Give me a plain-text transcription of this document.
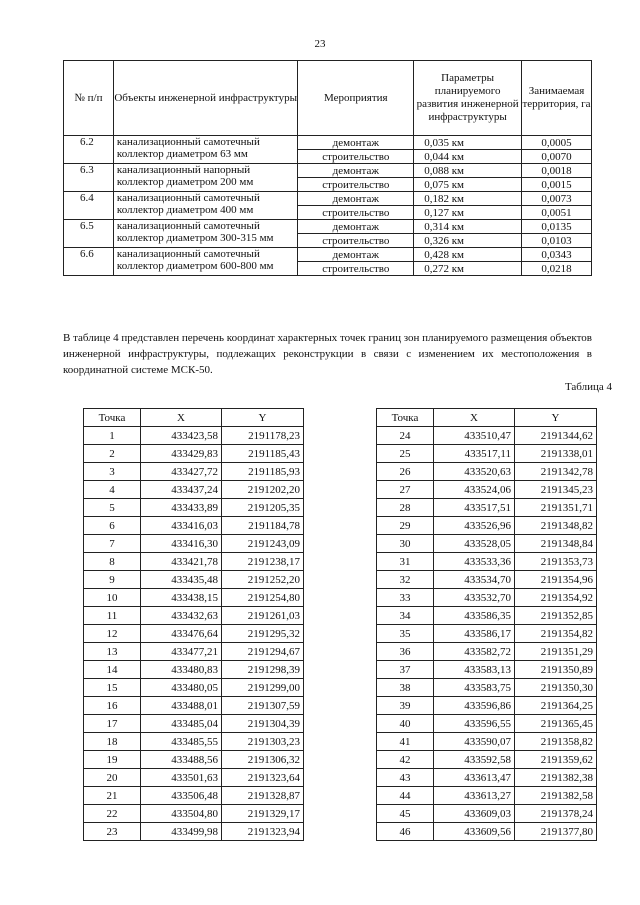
23
№ п/п	Объекты инженерной инфраструктуры	Мероприятия	Параметры планируемого развития инженерной инфраструктуры	Занимаемая территория, га
6.2	канализационный самотечный коллектор диаметром 63 мм	демонтаж	0,035 км	0,0005
		строительство	0,044 км	0,0070
6.3	канализационный напорный коллектор диаметром 200 мм	демонтаж	0,088 км	0,0018
		строительство	0,075 км	0,0015
6.4	канализационный самотечный коллектор диаметром 400 мм	демонтаж	0,182 км	0,0073
		строительство	0,127 км	0,0051
6.5	канализационный самотечный коллектор диаметром 300-315 мм	демонтаж	0,314 км	0,0135
		строительство	0,326 км	0,0103
6.6	канализационный самотечный коллектор диаметром 600-800 мм	демонтаж	0,428 км	0,0343
		строительство	0,272 км	0,0218

В таблице 4 представлен перечень координат характерных точек границ зон планируемого размещения объектов инженерной инфраструктуры, подлежащих реконструкции в связи с изменением их местоположения в координатной системе МСК-50.

Таблица 4
Точка	X	Y
1	433423,58	2191178,23
2	433429,83	2191185,43
3	433427,72	2191185,93
4	433437,24	2191202,20
5	433433,89	2191205,35
6	433416,03	2191184,78
7	433416,30	2191243,09
8	433421,78	2191238,17
9	433435,48	2191252,20
10	433438,15	2191254,80
11	433432,63	2191261,03
12	433476,64	2191295,32
13	433477,21	2191294,67
14	433480,83	2191298,39
15	433480,05	2191299,00
16	433488,01	2191307,59
17	433485,04	2191304,39
18	433485,55	2191303,23
19	433488,56	2191306,32
20	433501,63	2191323,64
21	433506,48	2191328,87
22	433504,80	2191329,17
23	433499,98	2191323,94
Точка	X	Y
24	433510,47	2191344,62
25	433517,11	2191338,01
26	433520,63	2191342,78
27	433524,06	2191345,23
28	433517,51	2191351,71
29	433526,96	2191348,82
30	433528,05	2191348,84
31	433533,36	2191353,73
32	433534,70	2191354,96
33	433532,70	2191354,92
34	433586,35	2191352,85
35	433586,17	2191354,82
36	433582,72	2191351,29
37	433583,13	2191350,89
38	433583,75	2191350,30
39	433596,86	2191364,25
40	433596,55	2191365,45
41	433590,07	2191358,82
42	433592,58	2191359,62
43	433613,47	2191382,38
44	433613,27	2191382,58
45	433609,03	2191378,24
46	433609,56	2191377,80
